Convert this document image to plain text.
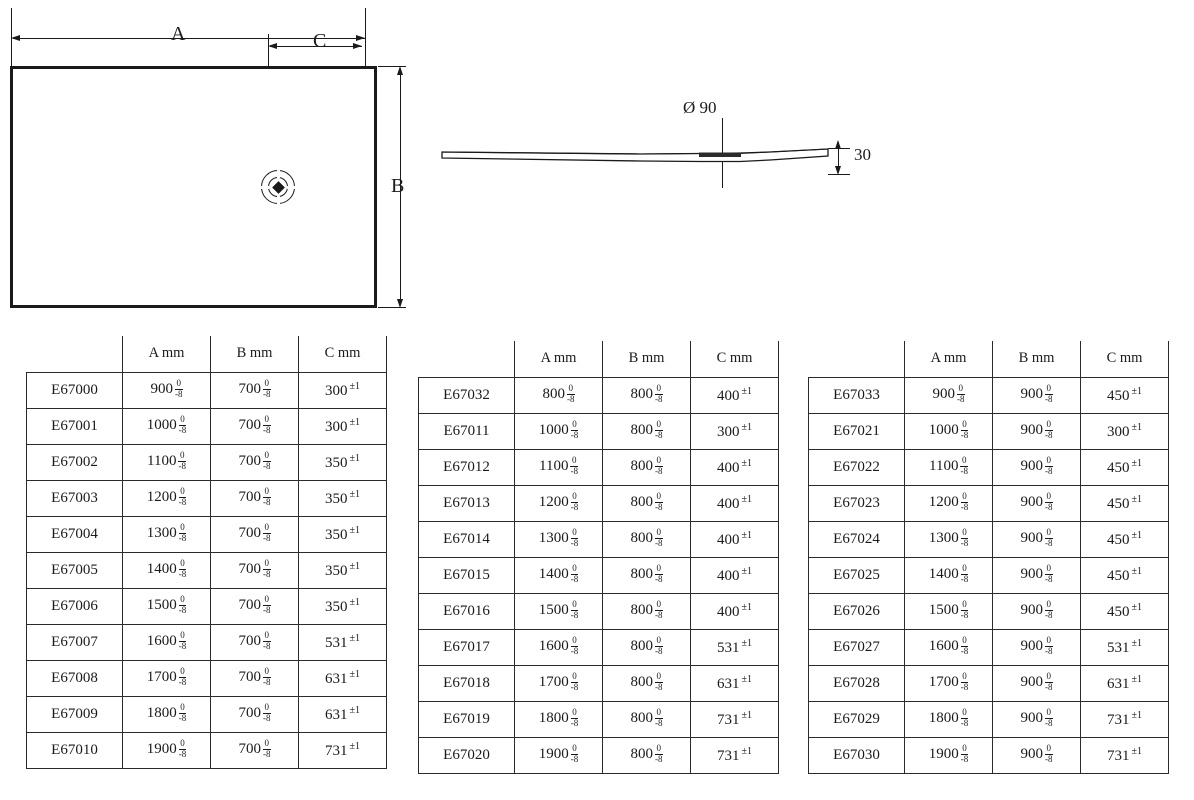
A	C
B
Ø 90
30
	A mm	B mm	C mm
E67000	$900 \frac{0}{-8}$	$700 \frac{0}{-8}$	300 $^{\pm 1}$
E67001	$1000 \frac{0}{-8}$	$700 \frac{0}{-8}$	300 $^{\pm 1}$
E67002	$1100 \frac{0}{-8}$	$700 \frac{0}{-8}$	350 $^{\pm 1}$
E67003	$1200 \frac{0}{-8}$	$700 \frac{0}{-8}$	350 $^{\pm 1}$
E67004	$1300 \frac{0}{-8}$	$700 \frac{0}{-8}$	350 $^{\pm 1}$
E67005	$1400 \frac{0}{-8}$	$700 \frac{0}{-8}$	350 $^{\pm 1}$
E67006	$1500 \frac{0}{-8}$	$700 \frac{0}{-8}$	350 $^{\pm 1}$
E67007	$1600 \frac{0}{-8}$	$700 \frac{0}{-8}$	531 $^{\pm 1}$
E67008	$1700 \frac{0}{-8}$	$700 \frac{0}{-8}$	631 $^{\pm 1}$
E67009	$1800 \frac{0}{-8}$	$700 \frac{0}{-8}$	631 $^{\pm 1}$
E67010	$1900 \frac{0}{-8}$	$700 \frac{0}{-8}$	731 $^{\pm 1}$
	A mm	B mm	C mm
E67032	$800 \frac{0}{-8}$	$800 \frac{0}{-8}$	400 $^{\pm 1}$
E67011	$1000 \frac{0}{-8}$	$800 \frac{0}{-8}$	300 $^{\pm 1}$
E67012	$1100 \frac{0}{-8}$	$800 \frac{0}{-8}$	400 $^{\pm 1}$
E67013	$1200 \frac{0}{-8}$	$800 \frac{0}{-8}$	400 $^{\pm 1}$
E67014	$1300 \frac{0}{-8}$	$800 \frac{0}{-8}$	400 $^{\pm 1}$
E67015	$1400 \frac{0}{-8}$	$800 \frac{0}{-8}$	400 $^{\pm 1}$
E67016	$1500 \frac{0}{-8}$	$800 \frac{0}{-8}$	400 $^{\pm 1}$
E67017	$1600 \frac{0}{-8}$	$800 \frac{0}{-8}$	531 $^{\pm 1}$
E67018	$1700 \frac{0}{-8}$	$800 \frac{0}{-8}$	631 $^{\pm 1}$
E67019	$1800 \frac{0}{-8}$	$800 \frac{0}{-8}$	731 $^{\pm 1}$
E67020	$1900 \frac{0}{-8}$	$800 \frac{0}{-8}$	731 $^{\pm 1}$
	A mm	B mm	C mm
E67033	$900 \frac{0}{-8}$	$900 \frac{0}{-8}$	450 $^{\pm 1}$
E67021	$1000 \frac{0}{-8}$	$900 \frac{0}{-8}$	300 $^{\pm 1}$
E67022	$1100 \frac{0}{-8}$	$900 \frac{0}{-8}$	450 $^{\pm 1}$
E67023	$1200 \frac{0}{-8}$	$900 \frac{0}{-8}$	450 $^{\pm 1}$
E67024	$1300 \frac{0}{-8}$	$900 \frac{0}{-8}$	450 $^{\pm 1}$
E67025	$1400 \frac{0}{-8}$	$900 \frac{0}{-8}$	450 $^{\pm 1}$
E67026	$1500 \frac{0}{-8}$	$900 \frac{0}{-8}$	450 $^{\pm 1}$
E67027	$1600 \frac{0}{-8}$	$900 \frac{0}{-8}$	531 $^{\pm 1}$
E67028	$1700 \frac{0}{-8}$	$900 \frac{0}{-8}$	631 $^{\pm 1}$
E67029	$1800 \frac{0}{-8}$	$900 \frac{0}{-8}$	731 $^{\pm 1}$
E67030	$1900 \frac{0}{-8}$	$900 \frac{0}{-8}$	731 $^{\pm 1}$
